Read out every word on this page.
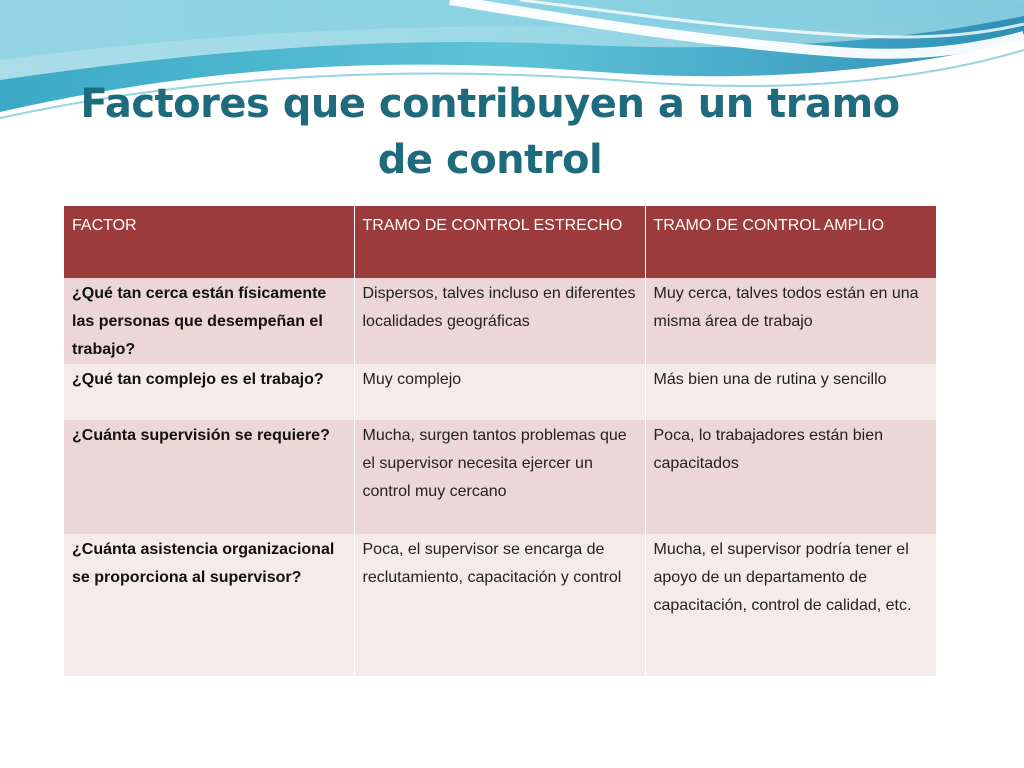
Factores que contribuyen a un tramo
de control
FACTOR	TRAMO DE CONTROL ESTRECHO	TRAMO DE CONTROL AMPLIO
¿Qué tan cerca están físicamente las personas que desempeñan el trabajo?	Dispersos, talves incluso en diferentes localidades geográficas	Muy cerca, talves todos están en una misma área de trabajo
¿Qué tan complejo es el trabajo?	Muy complejo	Más bien una de rutina y sencillo
¿Cuánta supervisión se requiere?	Mucha, surgen tantos problemas que el supervisor necesita ejercer un control muy cercano	Poca, lo trabajadores están bien capacitados
¿Cuánta asistencia organizacional se proporciona al supervisor?	Poca, el supervisor se encarga de reclutamiento, capacitación y control	Mucha, el supervisor podría tener el apoyo de un departamento de capacitación, control de calidad, etc.
